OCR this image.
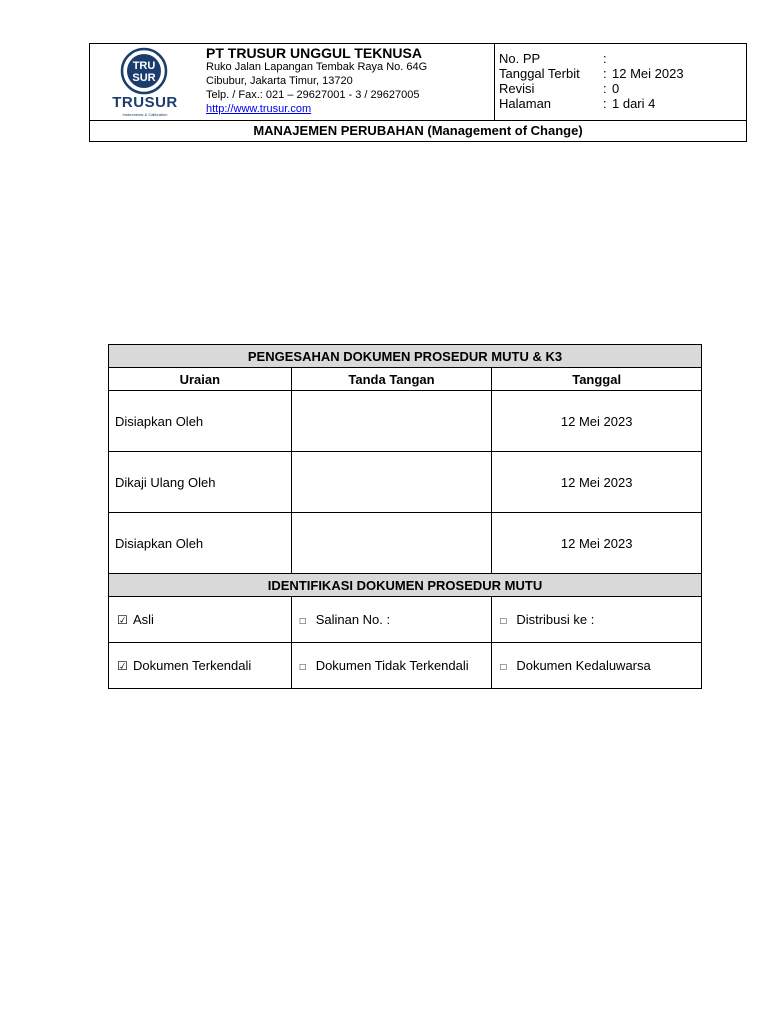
TRU
SUR
TRUSUR
Instruments & Calibration
PT TRUSUR UNGGUL TEKNUSA
Ruko Jalan Lapangan Tembak Raya No. 64G
Cibubur, Jakarta Timur, 13720
Telp. / Fax.: 021 – 29627001 - 3 / 29627005
http://www.trusur.com
No. PP	:
Tanggal Terbit	: 12 Mei 2023
Revisi	: 0
Halaman	: 1 dari 4
MANAJEMEN PERUBAHAN (Management of Change)
PENGESAHAN DOKUMEN PROSEDUR MUTU & K3		
Uraian	Tanda Tangan	Tanggal
Disiapkan Oleh		12 Mei 2023
Dikaji Ulang Oleh		12 Mei 2023
Disiapkan Oleh		12 Mei 2023
IDENTIFIKASI DOKUMEN PROSEDUR MUTU		
☑ Asli	□ Salinan No. :	□ Distribusi ke :
☑ Dokumen Terkendali	□ Dokumen Tidak Terkendali	□ Dokumen Kedaluwarsa
